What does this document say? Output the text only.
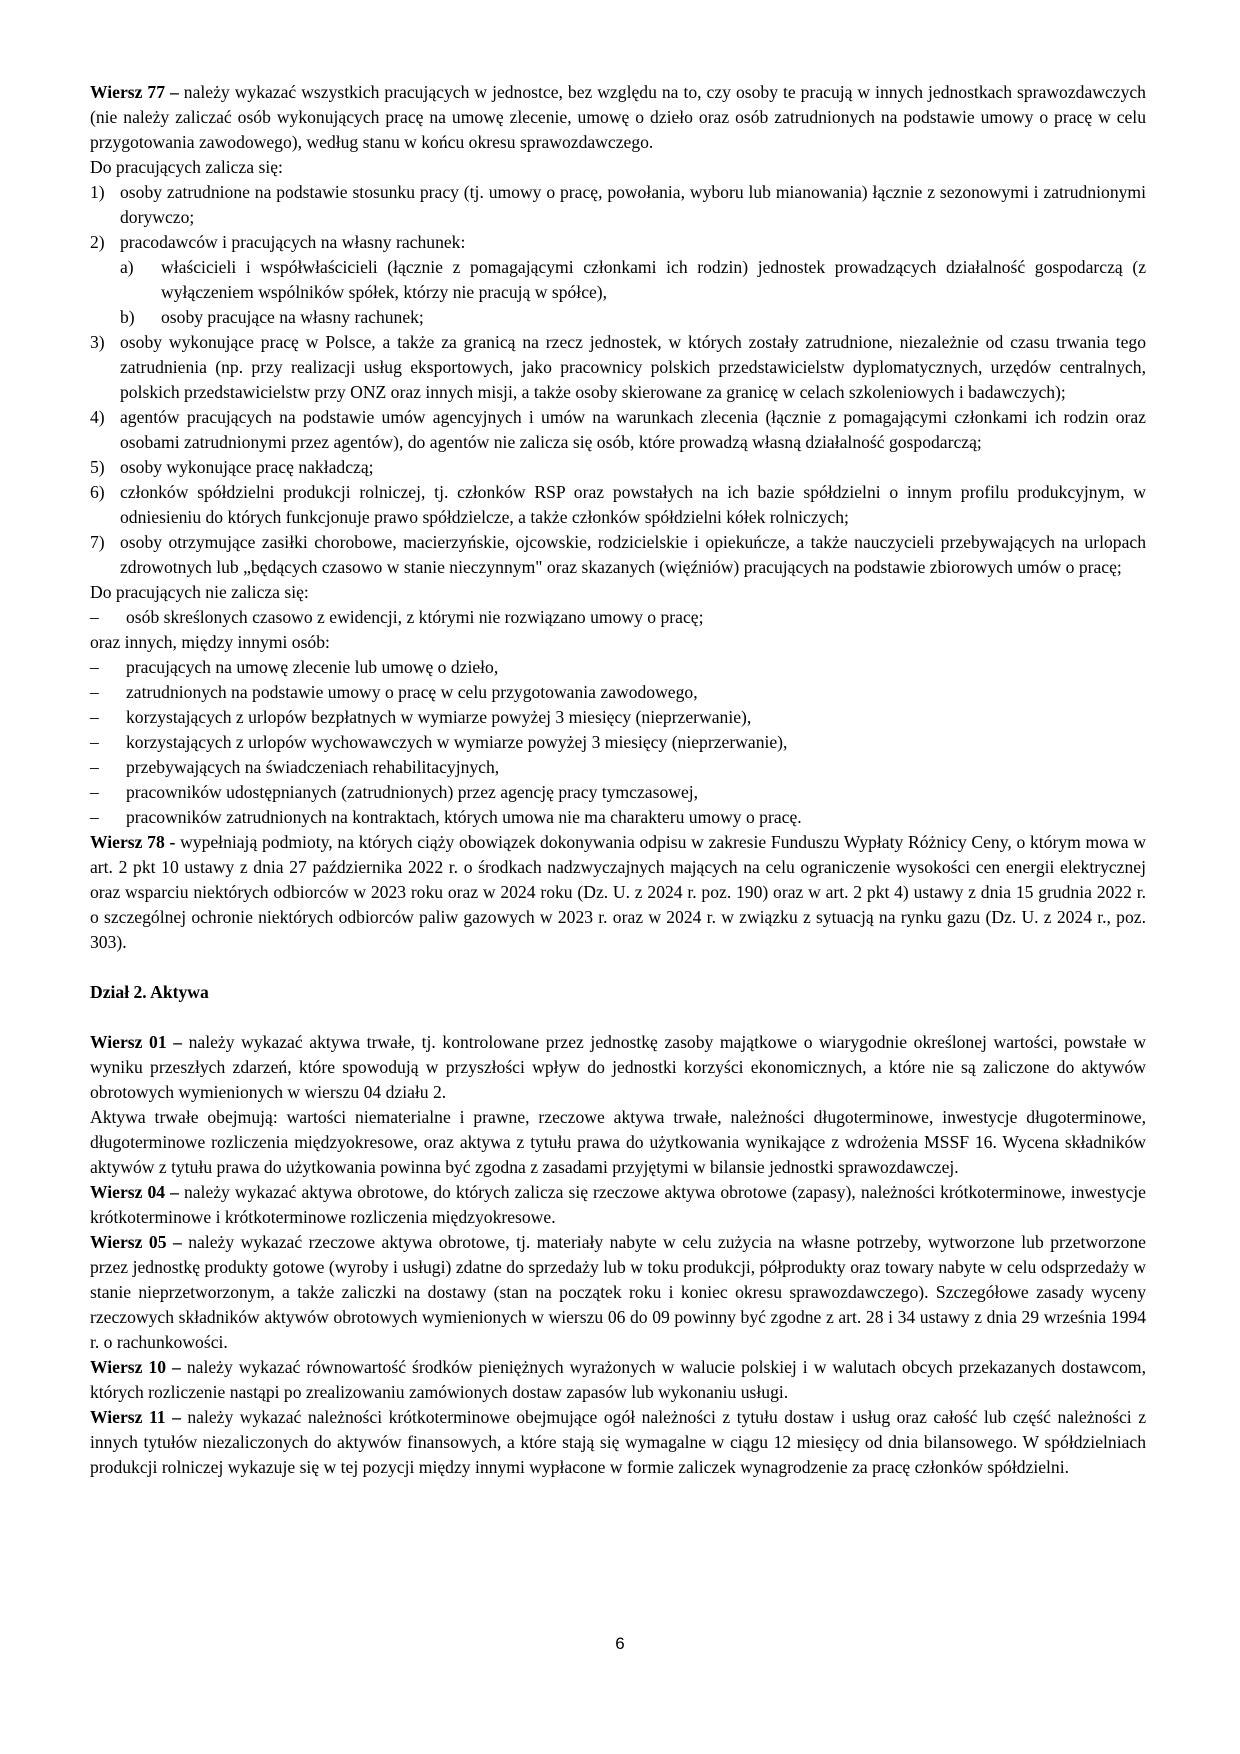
Wiersz 77 – należy wykazać wszystkich pracujących w jednostce, bez względu na to, czy osoby te pracują w innych jednostkach sprawozdawczych (nie należy zaliczać osób wykonujących pracę na umowę zlecenie, umowę o dzieło oraz osób zatrudnionych na podstawie umowy o pracę w celu przygotowania zawodowego), według stanu w końcu okresu sprawozdawczego.

Do pracujących zalicza się:

1) osoby zatrudnione na podstawie stosunku pracy (tj. umowy o pracę, powołania, wyboru lub mianowania) łącznie z sezonowymi i zatrudnionymi dorywczo;
2) pracodawców i pracujących na własny rachunek:
a)	właścicieli i współwłaścicieli (łącznie z pomagającymi członkami ich rodzin) jednostek prowadzących działalność gospodarczą (z wyłączeniem wspólników spółek, którzy nie pracują w spółce),
b)	osoby pracujące na własny rachunek;
3) osoby wykonujące pracę w Polsce, a także za granicą na rzecz jednostek, w których zostały zatrudnione, niezależnie od czasu trwania tego zatrudnienia (np. przy realizacji usług eksportowych, jako pracownicy polskich przedstawicielstw dyplomatycznych, urzędów centralnych, polskich przedstawicielstw przy ONZ oraz innych misji, a także osoby skierowane za granicę w celach szkoleniowych i badawczych);
4) agentów pracujących na podstawie umów agencyjnych i umów na warunkach zlecenia (łącznie z pomagającymi członkami ich rodzin oraz osobami zatrudnionymi przez agentów), do agentów nie zalicza się osób, które prowadzą własną działalność gospodarczą;
5) osoby wykonujące pracę nakładczą;
6) członków spółdzielni produkcji rolniczej, tj. członków RSP oraz powstałych na ich bazie spółdzielni o innym profilu produkcyjnym, w odniesieniu do których funkcjonuje prawo spółdzielcze, a także członków spółdzielni kółek rolniczych;
7) osoby otrzymujące zasiłki chorobowe, macierzyńskie, ojcowskie, rodzicielskie i opiekuńcze, a także nauczycieli przebywających na urlopach zdrowotnych lub „będących czasowo w stanie nieczynnym" oraz skazanych (więźniów) pracujących na podstawie zbiorowych umów o pracę;

Do pracujących nie zalicza się:

–	osób skreślonych czasowo z ewidencji, z którymi nie rozwiązano umowy o pracę;

oraz innych, między innymi osób:

–	pracujących na umowę zlecenie lub umowę o dzieło,
–	zatrudnionych na podstawie umowy o pracę w celu przygotowania zawodowego,
–	korzystających z urlopów bezpłatnych w wymiarze powyżej 3 miesięcy (nieprzerwanie),
–	korzystających z urlopów wychowawczych w wymiarze powyżej 3 miesięcy (nieprzerwanie),
–	przebywających na świadczeniach rehabilitacyjnych,
–	pracowników udostępnianych (zatrudnionych) przez agencję pracy tymczasowej,
–	pracowników zatrudnionych na kontraktach, których umowa nie ma charakteru umowy o pracę.

Wiersz 78 - wypełniają podmioty, na których ciąży obowiązek dokonywania odpisu w zakresie Funduszu Wypłaty Różnicy Ceny, o którym mowa w art. 2 pkt 10 ustawy z dnia 27 października 2022 r. o środkach nadzwyczajnych mających na celu ograniczenie wysokości cen energii elektrycznej oraz wsparciu niektórych odbiorców w 2023 roku oraz w 2024 roku (Dz. U. z 2024 r. poz. 190) oraz w art. 2 pkt 4) ustawy z dnia 15 grudnia 2022 r. o szczególnej ochronie niektórych odbiorców paliw gazowych w 2023 r. oraz w 2024 r. w związku z sytuacją na rynku gazu (Dz. U. z 2024 r., poz. 303).

Dział 2. Aktywa

Wiersz 01 – należy wykazać aktywa trwałe, tj. kontrolowane przez jednostkę zasoby majątkowe o wiarygodnie określonej wartości, powstałe w wyniku przeszłych zdarzeń, które spowodują w przyszłości wpływ do jednostki korzyści ekonomicznych, a które nie są zaliczone do aktywów obrotowych wymienionych w wierszu 04 działu 2.

Aktywa trwałe obejmują: wartości niematerialne i prawne, rzeczowe aktywa trwałe, należności długoterminowe, inwestycje długoterminowe, długoterminowe rozliczenia międzyokresowe, oraz aktywa z tytułu prawa do użytkowania wynikające z wdrożenia MSSF 16. Wycena składników aktywów z tytułu prawa do użytkowania powinna być zgodna z zasadami przyjętymi w bilansie jednostki sprawozdawczej.

Wiersz 04 – należy wykazać aktywa obrotowe, do których zalicza się rzeczowe aktywa obrotowe (zapasy), należności krótkoterminowe, inwestycje krótkoterminowe i krótkoterminowe rozliczenia międzyokresowe.

Wiersz 05 – należy wykazać rzeczowe aktywa obrotowe, tj. materiały nabyte w celu zużycia na własne potrzeby, wytworzone lub przetworzone przez jednostkę produkty gotowe (wyroby i usługi) zdatne do sprzedaży lub w toku produkcji, półprodukty oraz towary nabyte w celu odsprzedaży w stanie nieprzetworzonym, a także zaliczki na dostawy (stan na początek roku i koniec okresu sprawozdawczego). Szczegółowe zasady wyceny rzeczowych składników aktywów obrotowych wymienionych w wierszu 06 do 09 powinny być zgodne z art. 28 i 34 ustawy z dnia 29 września 1994 r. o rachunkowości.

Wiersz 10 – należy wykazać równowartość środków pieniężnych wyrażonych w walucie polskiej i w walutach obcych przekazanych dostawcom, których rozliczenie nastąpi po zrealizowaniu zamówionych dostaw zapasów lub wykonaniu usługi.

Wiersz 11 – należy wykazać należności krótkoterminowe obejmujące ogół należności z tytułu dostaw i usług oraz całość lub część należności z innych tytułów niezaliczonych do aktywów finansowych, a które stają się wymagalne w ciągu 12 miesięcy od dnia bilansowego. W spółdzielniach produkcji rolniczej wykazuje się w tej pozycji między innymi wypłacone w formie zaliczek wynagrodzenie za pracę członków spółdzielni.

6
